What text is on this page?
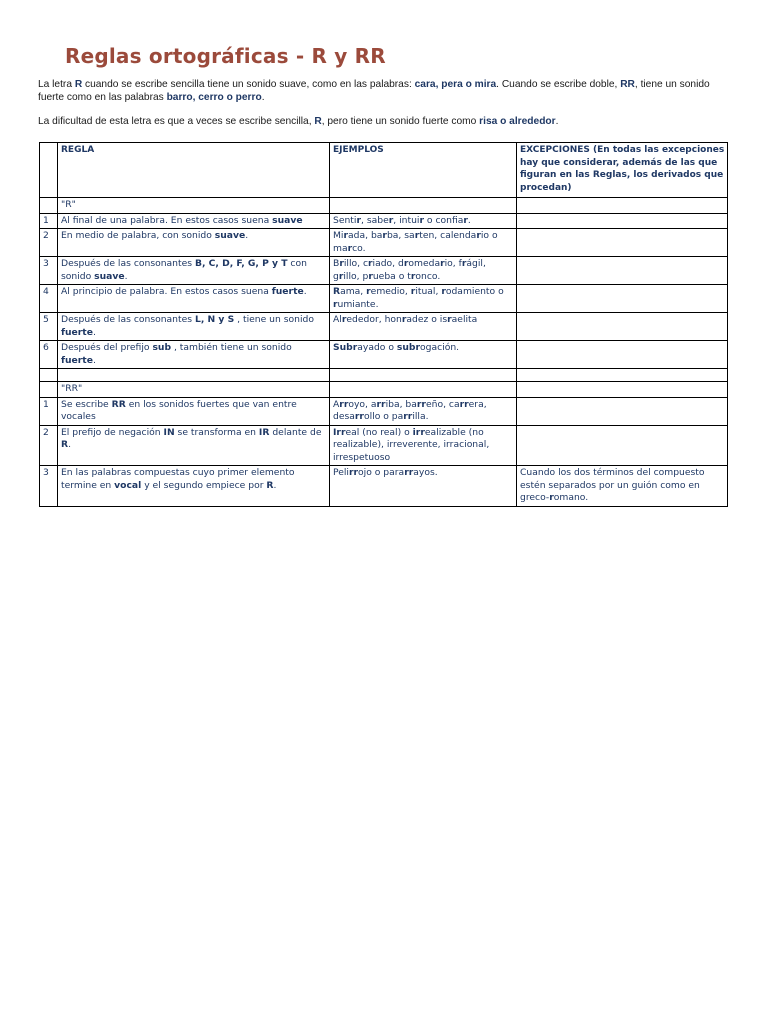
Reglas ortográficas - R y RR
La letra R cuando se escribe sencilla tiene un sonido suave, como en las palabras: cara, pera o mira. Cuando se escribe doble, RR, tiene un sonido fuerte como en las palabras barro, cerro o perro.
La dificultad de esta letra es que a veces se escribe sencilla, R, pero tiene un sonido fuerte como risa o alrededor.
	REGLA	EJEMPLOS	EXCEPCIONES (En todas las excepciones hay que considerar, además de las que figuran en las Reglas, los derivados que procedan)
	"R"		
1	Al final de una palabra. En estos casos suena suave	Sentir, saber, intuir o confiar.	
2	En medio de palabra, con sonido suave.	Mirada, barba, sarten, calendario o marco.	
3	Después de las consonantes B, C, D, F, G, P y T con sonido suave.	Brillo, criado, dromedario, frágil, grillo, prueba o tronco.	
4	Al principio de palabra. En estos casos suena fuerte.	Rama, remedio, ritual, rodamiento o rumiante.	
5	Después de las consonantes L, N y S , tiene un sonido fuerte.	Alrededor, honradez o israelita	
6	Después del prefijo sub , también tiene un sonido fuerte.	Subrayado o subrogación.	

	"RR"		
1	Se escribe RR en los sonidos fuertes que van entre vocales	Arroyo, arriba, barreño, carrera, desarrollo o parrilla.	
2	El prefijo de negación IN se transforma en IR delante de R.	Irreal (no real) o irrealizable (no realizable), irreverente, irracional, irrespetuoso	
3	En las palabras compuestas cuyo primer elemento termine en vocal y el segundo empiece por R.	Pelirrojo o pararrayos.	Cuando los dos términos del compuesto estén separados por un guión como en greco-romano.
